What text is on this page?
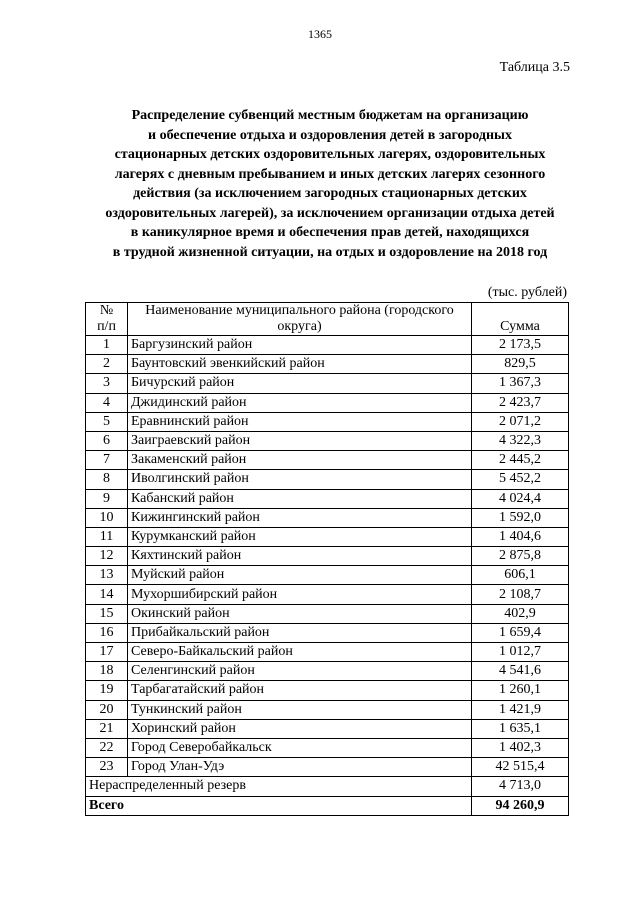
1365
Таблица 3.5
Распределение субвенций местным бюджетам на организацию
и обеспечение отдыха и оздоровления детей в загородных
стационарных детских оздоровительных лагерях, оздоровительных
лагерях с дневным пребыванием и иных детских лагерях сезонного
действия (за исключением загородных стационарных детских
оздоровительных лагерей), за исключением организации отдыха детей
в каникулярное время и обеспечения прав детей, находящихся
в трудной жизненной ситуации, на отдых и оздоровление на 2018 год
(тыс. рублей)
№
п/п	Наименование муниципального района (городского округа)	Сумма
1	Баргузинский район	2 173,5
2	Баунтовский эвенкийский район	829,5
3	Бичурский район	1 367,3
4	Джидинский район	2 423,7
5	Еравнинский район	2 071,2
6	Заиграевский район	4 322,3
7	Закаменский район	2 445,2
8	Иволгинский район	5 452,2
9	Кабанский район	4 024,4
10	Кижингинский район	1 592,0
11	Курумканский район	1 404,6
12	Кяхтинский район	2 875,8
13	Муйский район	606,1
14	Мухоршибирский район	2 108,7
15	Окинский район	402,9
16	Прибайкальский район	1 659,4
17	Северо-Байкальский район	1 012,7
18	Селенгинский район	4 541,6
19	Тарбагатайский район	1 260,1
20	Тункинский район	1 421,9
21	Хоринский район	1 635,1
22	Город Северобайкальск	1 402,3
23	Город Улан-Удэ	42 515,4
Нераспределенный резерв		4 713,0
Всего		94 260,9
